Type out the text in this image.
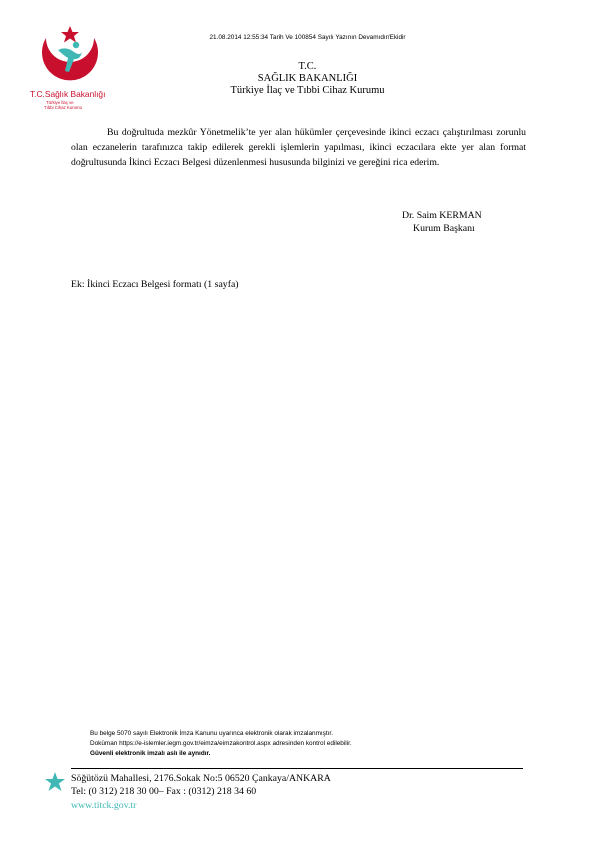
21.08.2014 12:55:34 Tarih Ve 100854 Sayılı Yazının Devamıdır/Ekidir
T.C.Sağlık Bakanlığı
Türkiye İlaç ve
Tıbbi Cihaz Kurumu
T.C.
SAĞLIK BAKANLIĞI
Türkiye İlaç ve Tıbbi Cihaz Kurumu
Bu doğrultuda mezkûr Yönetmelik’te yer alan hükümler çerçevesinde ikinci eczacı çalıştırılması zorunlu olan eczanelerin tarafınızca takip edilerek gerekli işlemlerin yapılması, ikinci eczacılara ekte yer alan format doğrultusunda İkinci Eczacı Belgesi düzenlenmesi hususunda bilginizi ve gereğini rica ederim.
Dr. Saim KERMAN
Kurum Başkanı
Ek: İkinci Eczacı Belgesi formatı (1 sayfa)
Bu belge 5070 sayılı Elektronik İmza Kanunu uyarınca elektronik olarak imzalanmıştır.
Doküman https://e-islemler.iegm.gov.tr/eimza/eimzakontrol.aspx adresinden kontrol edilebilir.
Güvenli elektronik imzalı aslı ile aynıdır.
Söğütözü Mahallesi, 2176.Sokak No:5 06520 Çankaya/ANKARA
Tel: (0 312) 218 30 00– Fax : (0312) 218 34 60
www.titck.gov.tr
